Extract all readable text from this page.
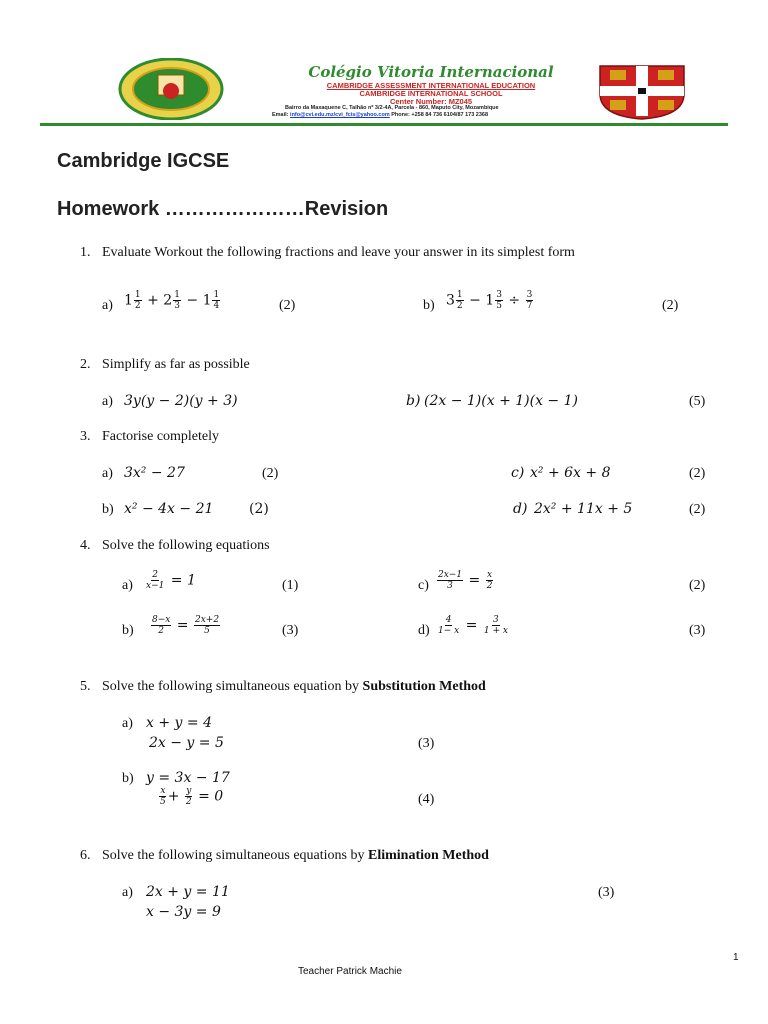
Colégio Vitoria Internacional
CAMBRIDGE ASSESSMENT INTERNATIONAL EDUCATION
CAMBRIDGE INTERNATIONAL SCHOOL
Center Number: MZ045
Bairro da Maxaquene C, Talhão nº 3/2-4A, Parcela - 860, Maputo City, Mozambique
Email: info@cvi.edu.mz/cvi_fcis@yahoo.com Phone: +258 84 736 6104/87 173 2368
Cambridge IGCSE
Homework …………………Revision
1. Evaluate Workout the following fractions and leave your answer in its simplest form
a) $1 \frac{1}{2} + 2 \frac{1}{3} - 1 \frac{1}{4}$	(2)	b) $3 \frac{1}{2} - 1 \frac{3}{5} \div \frac{3}{7}$	(2)
2. Simplify as far as possible
a) 3y(y − 2)(y + 3)	b) (2x − 1)(x + 1)(x − 1)	(5)
3. Factorise completely
a) 3x² − 27	(2)	c) x² + 6x + 8	(2)
b) x² − 4x − 21	(2)	d) 2x² + 11x + 5	(2)
4. Solve the following equations
$a) \frac{2}{x-1} = 1$	(1)	$c) \frac{2x-1}{3} = \frac{x}{2}$	(2)
$b) \frac{8-x}{2} = \frac{2x+2}{5}$	(3)	$d) \frac{4}{1- x} = \frac{3}{1 + x}$	(3)
5. Solve the following simultaneous equation by Substitution Method
a) x + y = 4
2x − y = 5	(3)
b) y = 3x − 17
$\frac{x}{5} + \frac{y}{2} = 0$	(4)
6. Solve the following simultaneous equations by Elimination Method
a) 2x + y = 11
x − 3y = 9
(3)
1
Teacher Patrick Machie
